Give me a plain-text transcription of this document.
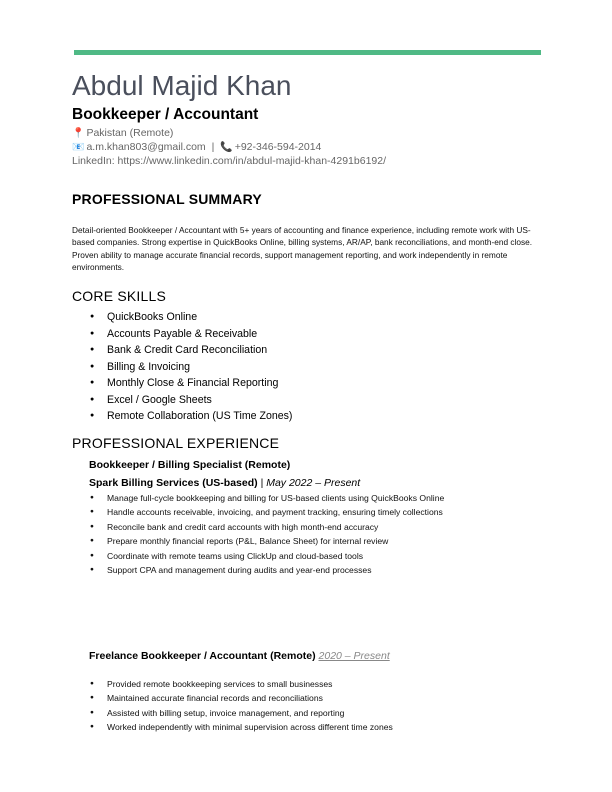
Abdul Majid Khan
Bookkeeper / Accountant
📍 Pakistan (Remote)
📧 a.m.khan803@gmail.com | 📞 +92-346-594-2014
LinkedIn: https://www.linkedin.com/in/abdul-majid-khan-4291b6192/
PROFESSIONAL SUMMARY
Detail-oriented Bookkeeper / Accountant with 5+ years of accounting and finance experience, including remote work with US-based companies. Strong expertise in QuickBooks Online, billing systems, AR/AP, bank reconciliations, and month-end close. Proven ability to manage accurate financial records, support management reporting, and work independently in remote environments.
CORE SKILLS
● QuickBooks Online
● Accounts Payable & Receivable
● Bank & Credit Card Reconciliation
● Billing & Invoicing
● Monthly Close & Financial Reporting
● Excel / Google Sheets
● Remote Collaboration (US Time Zones)
PROFESSIONAL EXPERIENCE
Bookkeeper / Billing Specialist (Remote)
Spark Billing Services (US-based) | May 2022 – Present
● Manage full-cycle bookkeeping and billing for US-based clients using QuickBooks Online
● Handle accounts receivable, invoicing, and payment tracking, ensuring timely collections
● Reconcile bank and credit card accounts with high month-end accuracy
● Prepare monthly financial reports (P&L, Balance Sheet) for internal review
● Coordinate with remote teams using ClickUp and cloud-based tools
● Support CPA and management during audits and year-end processes
Freelance Bookkeeper / Accountant (Remote) 2020 – Present
● Provided remote bookkeeping services to small businesses
● Maintained accurate financial records and reconciliations
● Assisted with billing setup, invoice management, and reporting
● Worked independently with minimal supervision across different time zones
